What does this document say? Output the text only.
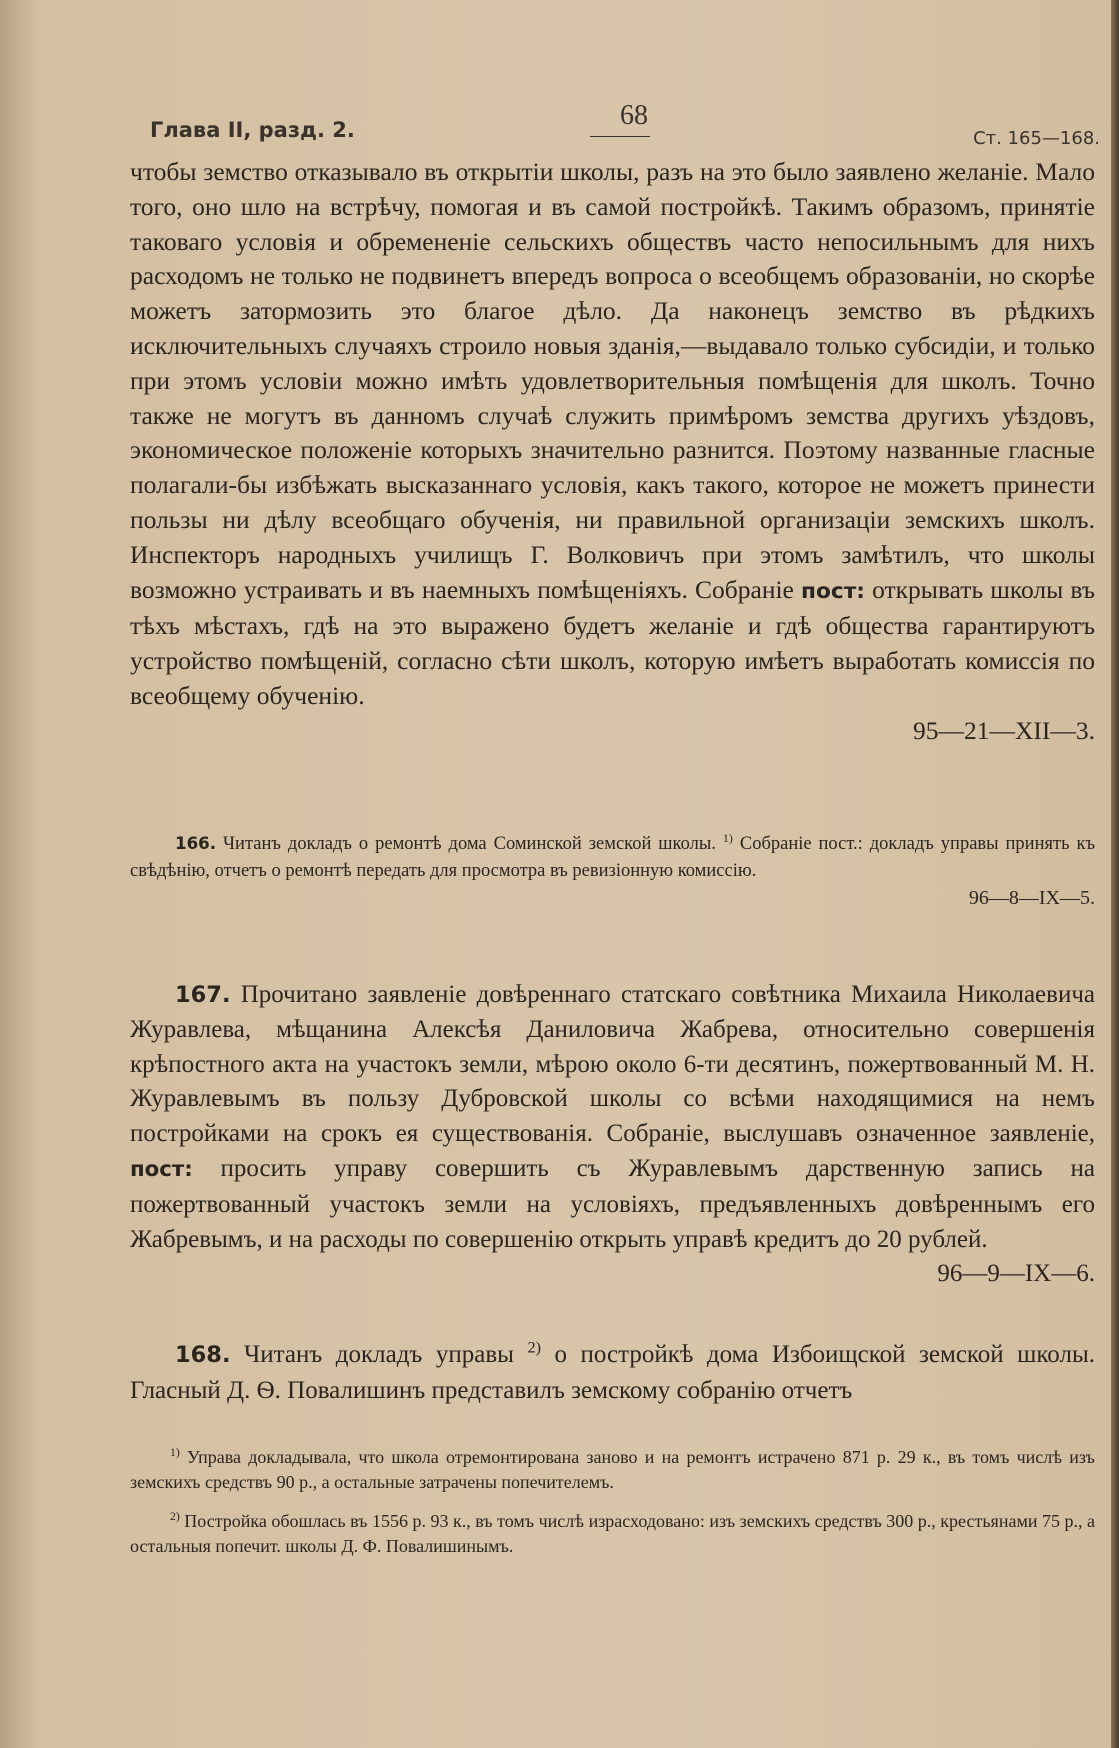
Глава II, разд. 2.	68
Ст. 165—168.
чтобы земство отказывало въ открытіи школы, разъ на это было заявлено желаніе. Мало того, оно шло на встрѣчу, помогая и въ самой постройкѣ. Такимъ образомъ, принятіе таковаго условія и обремененіе сельскихъ обществъ часто непосильнымъ для нихъ расходомъ не только не подвинетъ впередъ вопроса о всеобщемъ образованіи, но скорѣе можетъ затормозить это благое дѣло. Да наконецъ земство въ рѣдкихъ исключительныхъ случаяхъ строило новыя зданія,—выдавало только субсидіи, и только при этомъ условіи можно имѣть удовлетворительныя помѣщенія для школъ. Точно также не могутъ въ данномъ случаѣ служить примѣромъ земства другихъ уѣздовъ, экономическое положеніе которыхъ значительно разнится. Поэтому названные гласные полагали-бы избѣжать высказаннаго условія, какъ такого, которое не можетъ принести пользы ни дѣлу всеобщаго обученія, ни правильной организаціи земскихъ школъ. Инспекторъ народныхъ училищъ Г. Волковичъ при этомъ замѣтилъ, что школы возможно устраивать и въ наемныхъ помѣщеніяхъ. Собраніе пост: открывать школы въ тѣхъ мѣстахъ, гдѣ на это выражено будетъ желаніе и гдѣ общества гарантируютъ устройство помѣщеній, согласно сѣти школъ, которую имѣетъ выработать комиссія по всеобщему обученію.
95—21—XII—3.
166. Читанъ докладъ о ремонтѣ дома Соминской земской школы. $^{1)}$ Собраніе пост.: докладъ управы принять къ свѣдѣнію, отчетъ о ремонтѣ передать для просмотра въ ревизіонную комиссію.
96—8—IX—5.
167. Прочитано заявленіе довѣреннаго статскаго совѣтника Михаила Николаевича Журавлева, мѣщанина Алексѣя Даниловича Жабрева, относительно совершенія крѣпостного акта на участокъ земли, мѣрою около 6-ти десятинъ, пожертвованный М. Н. Журавлевымъ въ пользу Дубровской школы со всѣми находящимися на немъ постройками на срокъ ея существованія. Собраніе, выслушавъ означенное заявленіе, пост: просить управу совершить съ Журавлевымъ дарственную запись на пожертвованный участокъ земли на условіяхъ, предъявленныхъ довѣреннымъ его Жабревымъ, и на расходы по совершенію открыть управѣ кредитъ до 20 рублей.
96—9—IX—6.
168. Читанъ докладъ управы $^{2)}$ о постройкѣ дома Избоищской земской школы. Гласный Д. Ѳ. Повалишинъ представилъ земскому собранію отчетъ

$^{1)}$ Управа докладывала, что школа отремонтирована заново и на ремонтъ истрачено 871 р. 29 к., въ томъ числѣ изъ земскихъ средствъ 90 р., а остальные затрачены попечителемъ.

$^{2)}$ Постройка обошлась въ 1556 р. 93 к., въ томъ числѣ израсходовано: изъ земскихъ средствъ 300 р., крестьянами 75 р., а остальныя попечит. школы Д. Ф. Повалишинымъ.
